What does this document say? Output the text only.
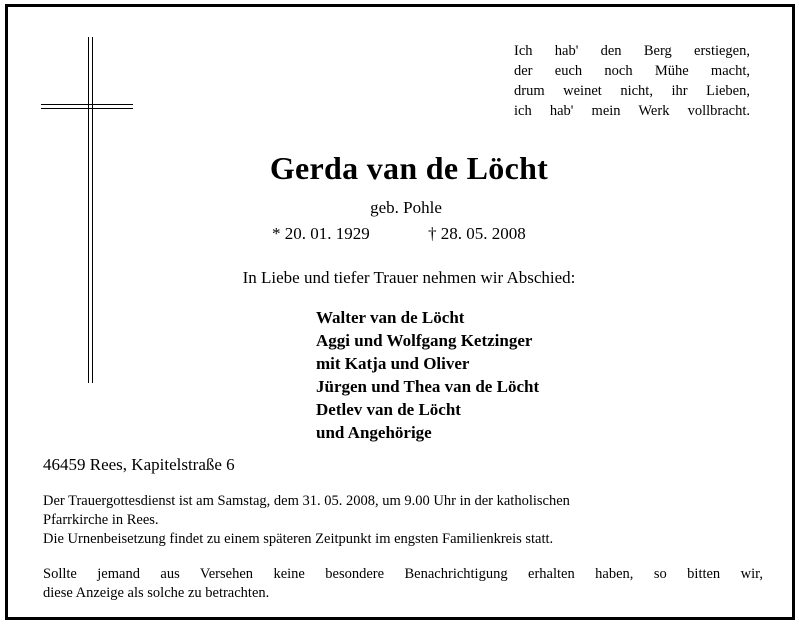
Ich hab' den Berg erstiegen,
der euch noch Mühe macht,
drum weinet nicht, ihr Lieben,
ich hab' mein Werk vollbracht.
Gerda van de Löcht
geb. Pohle
* 20. 01. 1929	† 28. 05. 2008
In Liebe und tiefer Trauer nehmen wir Abschied:
Walter van de Löcht
Aggi und Wolfgang Ketzinger
mit Katja und Oliver
Jürgen und Thea van de Löcht
Detlev van de Löcht
und Angehörige
46459 Rees, Kapitelstraße 6
Der Trauergottesdienst ist am Samstag, dem 31. 05. 2008, um 9.00 Uhr in der katholischen
Pfarrkirche in Rees.
Die Urnenbeisetzung findet zu einem späteren Zeitpunkt im engsten Familienkreis statt.
Sollte jemand aus Versehen keine besondere Benachrichtigung erhalten haben, so bitten wir,
diese Anzeige als solche zu betrachten.
